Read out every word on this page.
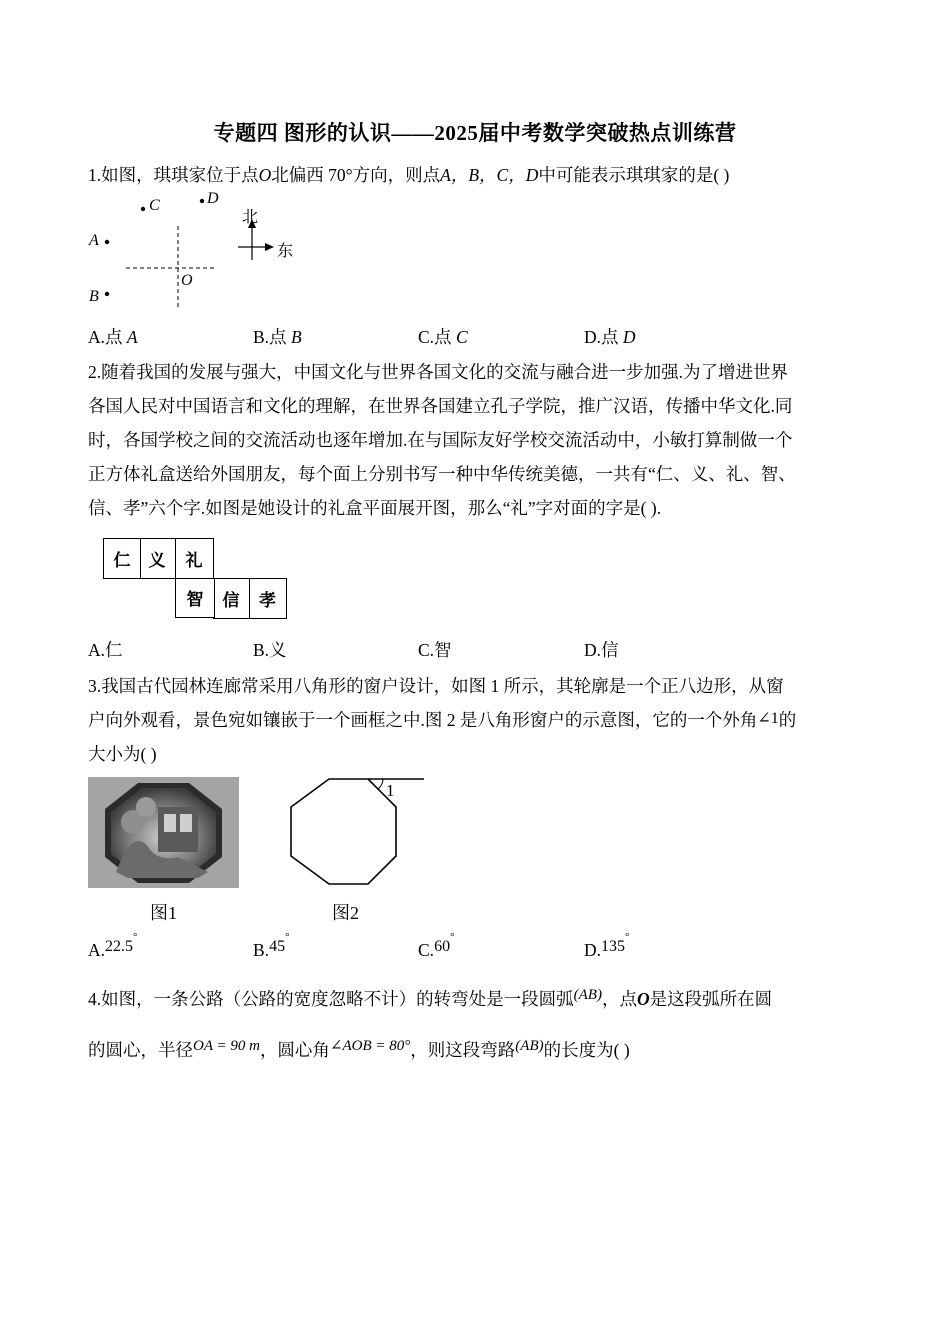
专题四 图形的认识——2025届中考数学突破热点训练营
1.如图，琪琪家位于点O北偏西 70°方向，则点A，B，C，D中可能表示琪琪家的是( )
C	D
A
B
O
北
东
A.点 A	B.点 B	C.点 C	D.点 D
2.随着我国的发展与强大，中国文化与世界各国文化的交流与融合进一步加强.为了增进世界
各国人民对中国语言和文化的理解，在世界各国建立孔子学院，推广汉语，传播中华文化.同
时，各国学校之间的交流活动也逐年增加.在与国际友好学校交流活动中，小敏打算制做一个
正方体礼盒送给外国朋友，每个面上分别书写一种中华传统美德，一共有“仁、义、礼、智、
信、孝”六个字.如图是她设计的礼盒平面展开图，那么“礼”字对面的字是( ).
仁	义	礼
智	信	孝
A.仁	B.义	C.智	D.信
3.我国古代园林连廊常采用八角形的窗户设计，如图 1 所示，其轮廓是一个正八边形，从窗
户向外观看，景色宛如镶嵌于一个画框之中.图 2 是八角形窗户的示意图，它的一个外角∠1的
大小为( )
1
图1	图2
A.22.5°
B.45°
C.60°
D.135°
4.如图，一条公路（公路的宽度忽略不计）的转弯处是一段圆弧(AB)，点O是这段弧所在圆
的圆心，半径OA = 90 m，圆心角∠AOB = 80°，则这段弯路(AB)的长度为( )
